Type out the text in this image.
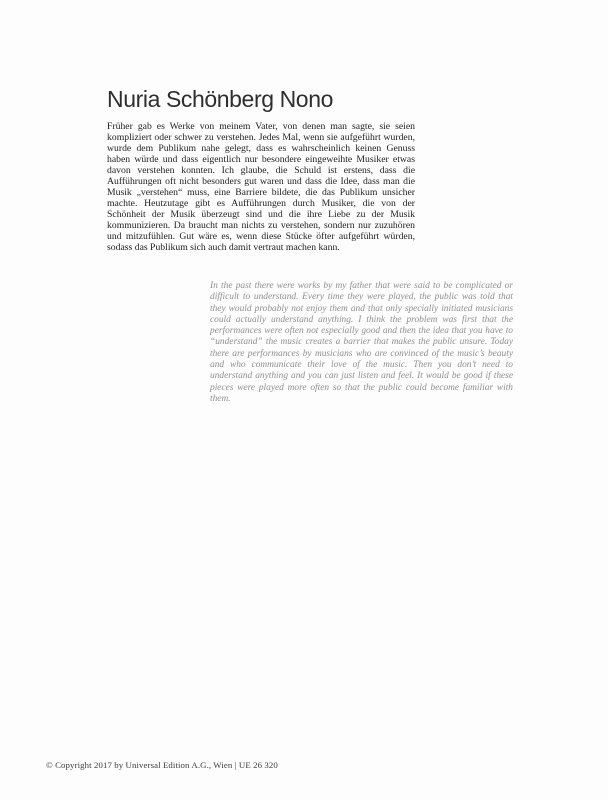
Nuria Schönberg Nono

Früher gab es Werke von meinem Vater, von denen man sagte, sie seien kompliziert oder schwer zu verstehen. Jedes Mal, wenn sie aufgeführt wurden, wurde dem Publikum nahe gelegt, dass es wahrscheinlich keinen Genuss haben würde und dass eigentlich nur besondere eingeweihte Musiker etwas davon verstehen konnten. Ich glaube, die Schuld ist erstens, dass die Aufführungen oft nicht besonders gut waren und dass die Idee, dass man die Musik „verstehen“ muss, eine Barriere bildete, die das Publikum unsicher machte. Heutzutage gibt es Aufführungen durch Musiker, die von der Schönheit der Musik überzeugt sind und die ihre Liebe zu der Musik kommunizieren. Da braucht man nichts zu verstehen, sondern nur zuzuhören und mitzufühlen. Gut wäre es, wenn diese Stücke öfter aufgeführt würden, sodass das Publikum sich auch damit vertraut machen kann.

In the past there were works by my father that were said to be complicated or difficult to understand. Every time they were played, the public was told that they would probably not enjoy them and that only specially initiated musicians could actually understand anything. I think the problem was first that the performances were often not especially good and then the idea that you have to “understand” the music creates a barrier that makes the public unsure. Today there are performances by musicians who are convinced of the music’s beauty and who communicate their love of the music. Then you don’t need to understand anything and you can just listen and feel. It would be good if these pieces were played more often so that the public could become familiar with them.

© Copyright 2017 by Universal Edition A.G., Wien | UE 26 320
